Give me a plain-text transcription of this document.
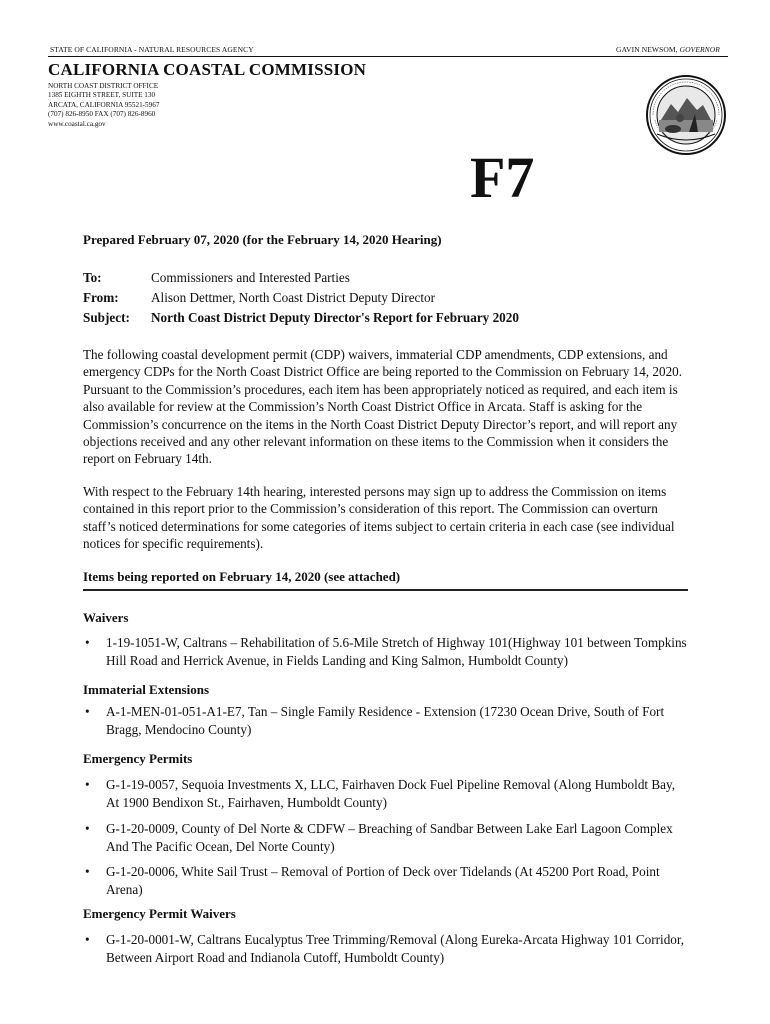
STATE OF CALIFORNIA - NATURAL RESOURCES AGENCY	GAVIN NEWSOM, GOVERNOR
CALIFORNIA COASTAL COMMISSION
NORTH COAST DISTRICT OFFICE
1385 EIGHTH STREET, SUITE 130
ARCATA, CALIFORNIA 95521-5967
(707) 826-8950 FAX (707) 826-8960
www.coastal.ca.gov
F7
Prepared February 07, 2020 (for the February 14, 2020 Hearing)
To:	Commissioners and Interested Parties
From:	Alison Dettmer, North Coast District Deputy Director
Subject:	North Coast District Deputy Director's Report for February 2020
The following coastal development permit (CDP) waivers, immaterial CDP amendments, CDP extensions, and emergency CDPs for the North Coast District Office are being reported to the Commission on February 14, 2020. Pursuant to the Commission’s procedures, each item has been appropriately noticed as required, and each item is also available for review at the Commission’s North Coast District Office in Arcata. Staff is asking for the Commission’s concurrence on the items in the North Coast District Deputy Director’s report, and will report any objections received and any other relevant information on these items to the Commission when it considers the report on February 14th.
With respect to the February 14th hearing, interested persons may sign up to address the Commission on items contained in this report prior to the Commission’s consideration of this report. The Commission can overturn staff’s noticed determinations for some categories of items subject to certain criteria in each case (see individual notices for specific requirements).
Items being reported on February 14, 2020 (see attached)
Waivers
• 1-19-1051-W, Caltrans – Rehabilitation of 5.6-Mile Stretch of Highway 101(Highway 101 between Tompkins Hill Road and Herrick Avenue, in Fields Landing and King Salmon, Humboldt County)
Immaterial Extensions
• A-1-MEN-01-051-A1-E7, Tan – Single Family Residence - Extension (17230 Ocean Drive, South of Fort Bragg, Mendocino County)
Emergency Permits
• G-1-19-0057, Sequoia Investments X, LLC, Fairhaven Dock Fuel Pipeline Removal (Along Humboldt Bay, At 1900 Bendixon St., Fairhaven, Humboldt County)
• G-1-20-0009, County of Del Norte & CDFW – Breaching of Sandbar Between Lake Earl Lagoon Complex And The Pacific Ocean, Del Norte County)
• G-1-20-0006, White Sail Trust – Removal of Portion of Deck over Tidelands (At 45200 Port Road, Point Arena)
Emergency Permit Waivers
• G-1-20-0001-W, Caltrans Eucalyptus Tree Trimming/Removal (Along Eureka-Arcata Highway 101 Corridor, Between Airport Road and Indianola Cutoff, Humboldt County)
